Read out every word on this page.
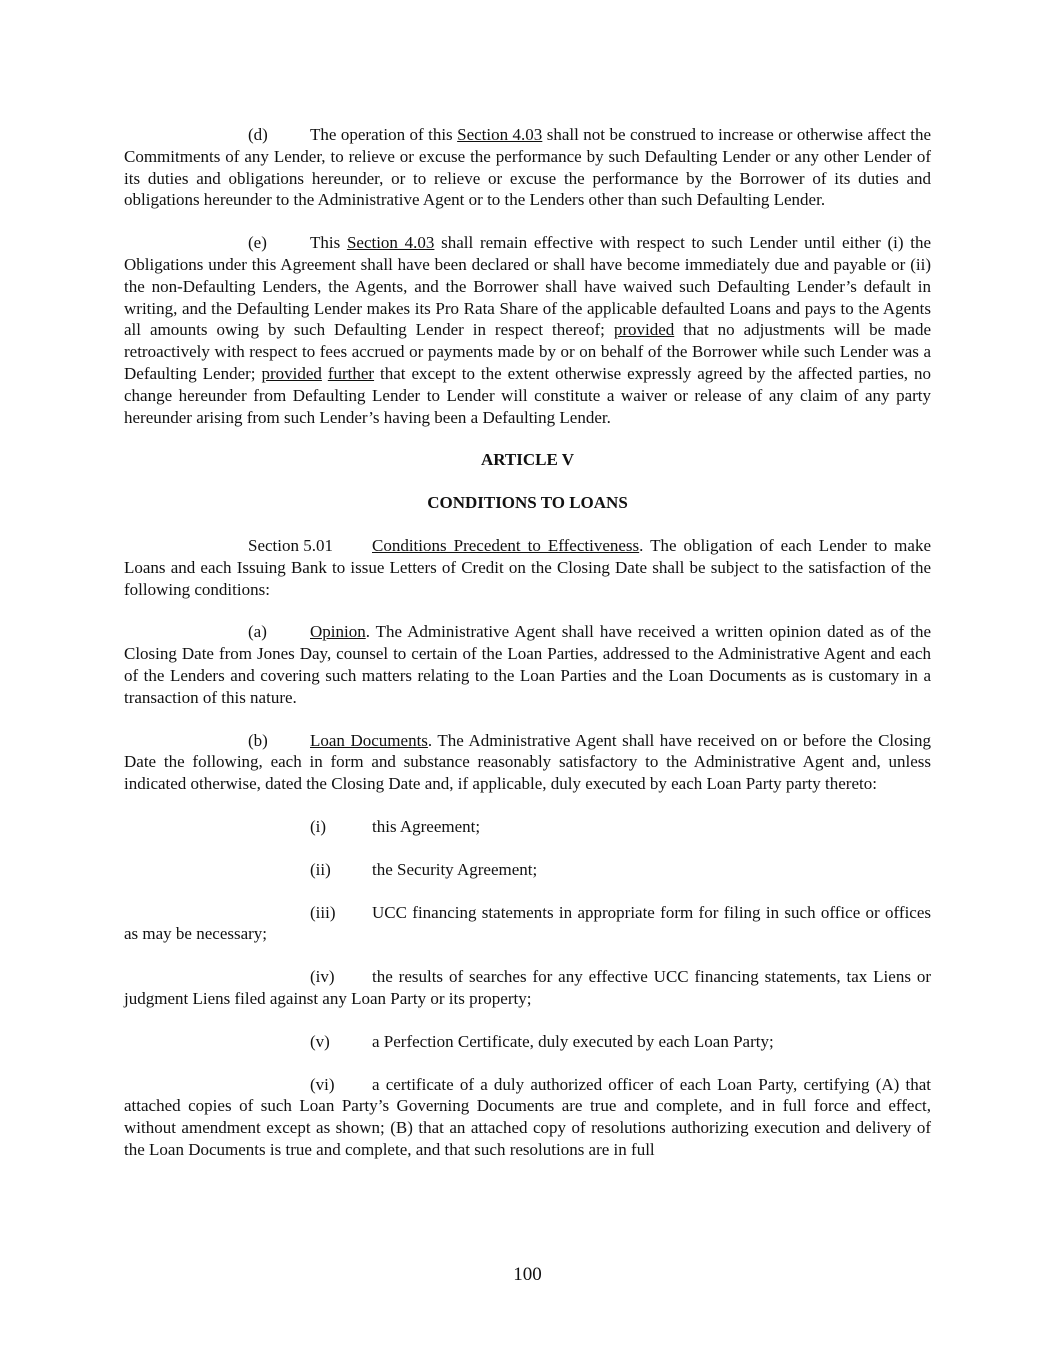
(d) The operation of this Section 4.03 shall not be construed to increase or otherwise affect the Commitments of any Lender, to relieve or excuse the performance by such Defaulting Lender or any other Lender of its duties and obligations hereunder, or to relieve or excuse the performance by the Borrower of its duties and obligations hereunder to the Administrative Agent or to the Lenders other than such Defaulting Lender.

(e)	This Section 4.03 shall remain effective with respect to such Lender until either (i) the Obligations under this Agreement shall have been declared or shall have become immediately due and payable or (ii) the non-Defaulting Lenders, the Agents, and the Borrower shall have waived such Defaulting Lender’s default in writing, and the Defaulting Lender makes its Pro Rata Share of the applicable defaulted Loans and pays to the Agents all amounts owing by such Defaulting Lender in respect thereof; provided that no adjustments will be made retroactively with respect to fees accrued or payments made by or on behalf of the Borrower while such Lender was a Defaulting Lender; provided further that except to the extent otherwise expressly agreed by the affected parties, no change hereunder from Defaulting Lender to Lender will constitute a waiver or release of any claim of any party hereunder arising from such Lender’s having been a Defaulting Lender.

ARTICLE V
CONDITIONS TO LOANS

Section 5.01 Conditions Precedent to Effectiveness. The obligation of each Lender to make Loans and each Issuing Bank to issue Letters of Credit on the Closing Date shall be subject to the satisfaction of the following conditions:

(a)	Opinion. The Administrative Agent shall have received a written opinion dated as of the Closing Date from Jones Day, counsel to certain of the Loan Parties, addressed to the Administrative Agent and each of the Lenders and covering such matters relating to the Loan Parties and the Loan Documents as is customary in a transaction of this nature.

(b) Loan Documents. The Administrative Agent shall have received on or before the Closing Date the following, each in form and substance reasonably satisfactory to the Administrative Agent and, unless indicated otherwise, dated the Closing Date and, if applicable, duly executed by each Loan Party party thereto:

(i)	this Agreement;

(ii) the Security Agreement;

(iii) UCC financing statements in appropriate form for filing in such office or offices as may be necessary;

(iv) the results of searches for any effective UCC financing statements, tax Liens or judgment Liens filed against any Loan Party or its property;

(v) a Perfection Certificate, duly executed by each Loan Party;

(vi) a certificate of a duly authorized officer of each Loan Party, certifying (A) that attached copies of such Loan Party’s Governing Documents are true and complete, and in full force and effect, without amendment except as shown; (B) that an attached copy of resolutions authorizing execution and delivery of the Loan Documents is true and complete, and that such resolutions are in full

100
